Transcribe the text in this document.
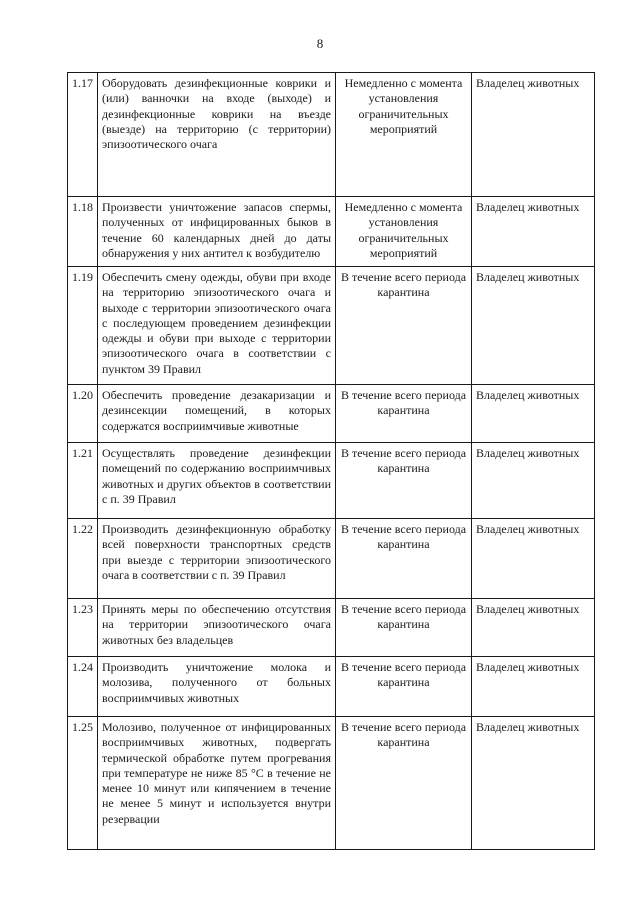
8
1.17	Оборудовать дезинфекционные коврики и (или) ванночки на входе (выходе) и дезинфекционные коврики на въезде (выезде) на территорию (с территории) эпизоотического очага	Немедленно с момента установления ограничительных мероприятий	Владелец животных
1.18	Произвести уничтожение запасов спермы, полученных от инфицированных быков в течение 60 календарных дней до даты обнаружения у них антител к возбудителю	Немедленно с момента установления ограничительных мероприятий	Владелец животных
1.19	Обеспечить смену одежды, обуви при входе на территорию эпизоотического очага и выходе с территории эпизоотического очага с последующем проведением дезинфекции одежды и обуви при выходе с территории эпизоотического очага в соответствии с пунктом 39 Правил	В течение всего периода карантина	Владелец животных
1.20	Обеспечить проведение дезакаризации и дезинсекции помещений, в которых содержатся восприимчивые животные	В течение всего периода карантина	Владелец животных
1.21	Осуществлять проведение дезинфекции помещений по содержанию восприимчивых животных и других объектов в соответствии с п. 39 Правил	В течение всего периода карантина	Владелец животных
1.22	Производить дезинфекционную обработку всей поверхности транспортных средств при выезде с территории эпизоотического очага в соответствии с п. 39 Правил	В течение всего периода карантина	Владелец животных
1.23	Принять меры по обеспечению отсутствия на территории эпизоотического очага животных без владельцев	В течение всего периода карантина	Владелец животных
1.24	Производить уничтожение молока и молозива, полученного от больных восприимчивых животных	В течение всего периода карантина	Владелец животных
1.25	Молозиво, полученное от инфицированных восприимчивых животных, подвергать термической обработке путем прогревания при температуре не ниже 85 °C в течение не менее 10 минут или кипячением в течение не менее 5 минут и используется внутри резервации	В течение всего периода карантина	Владелец животных
